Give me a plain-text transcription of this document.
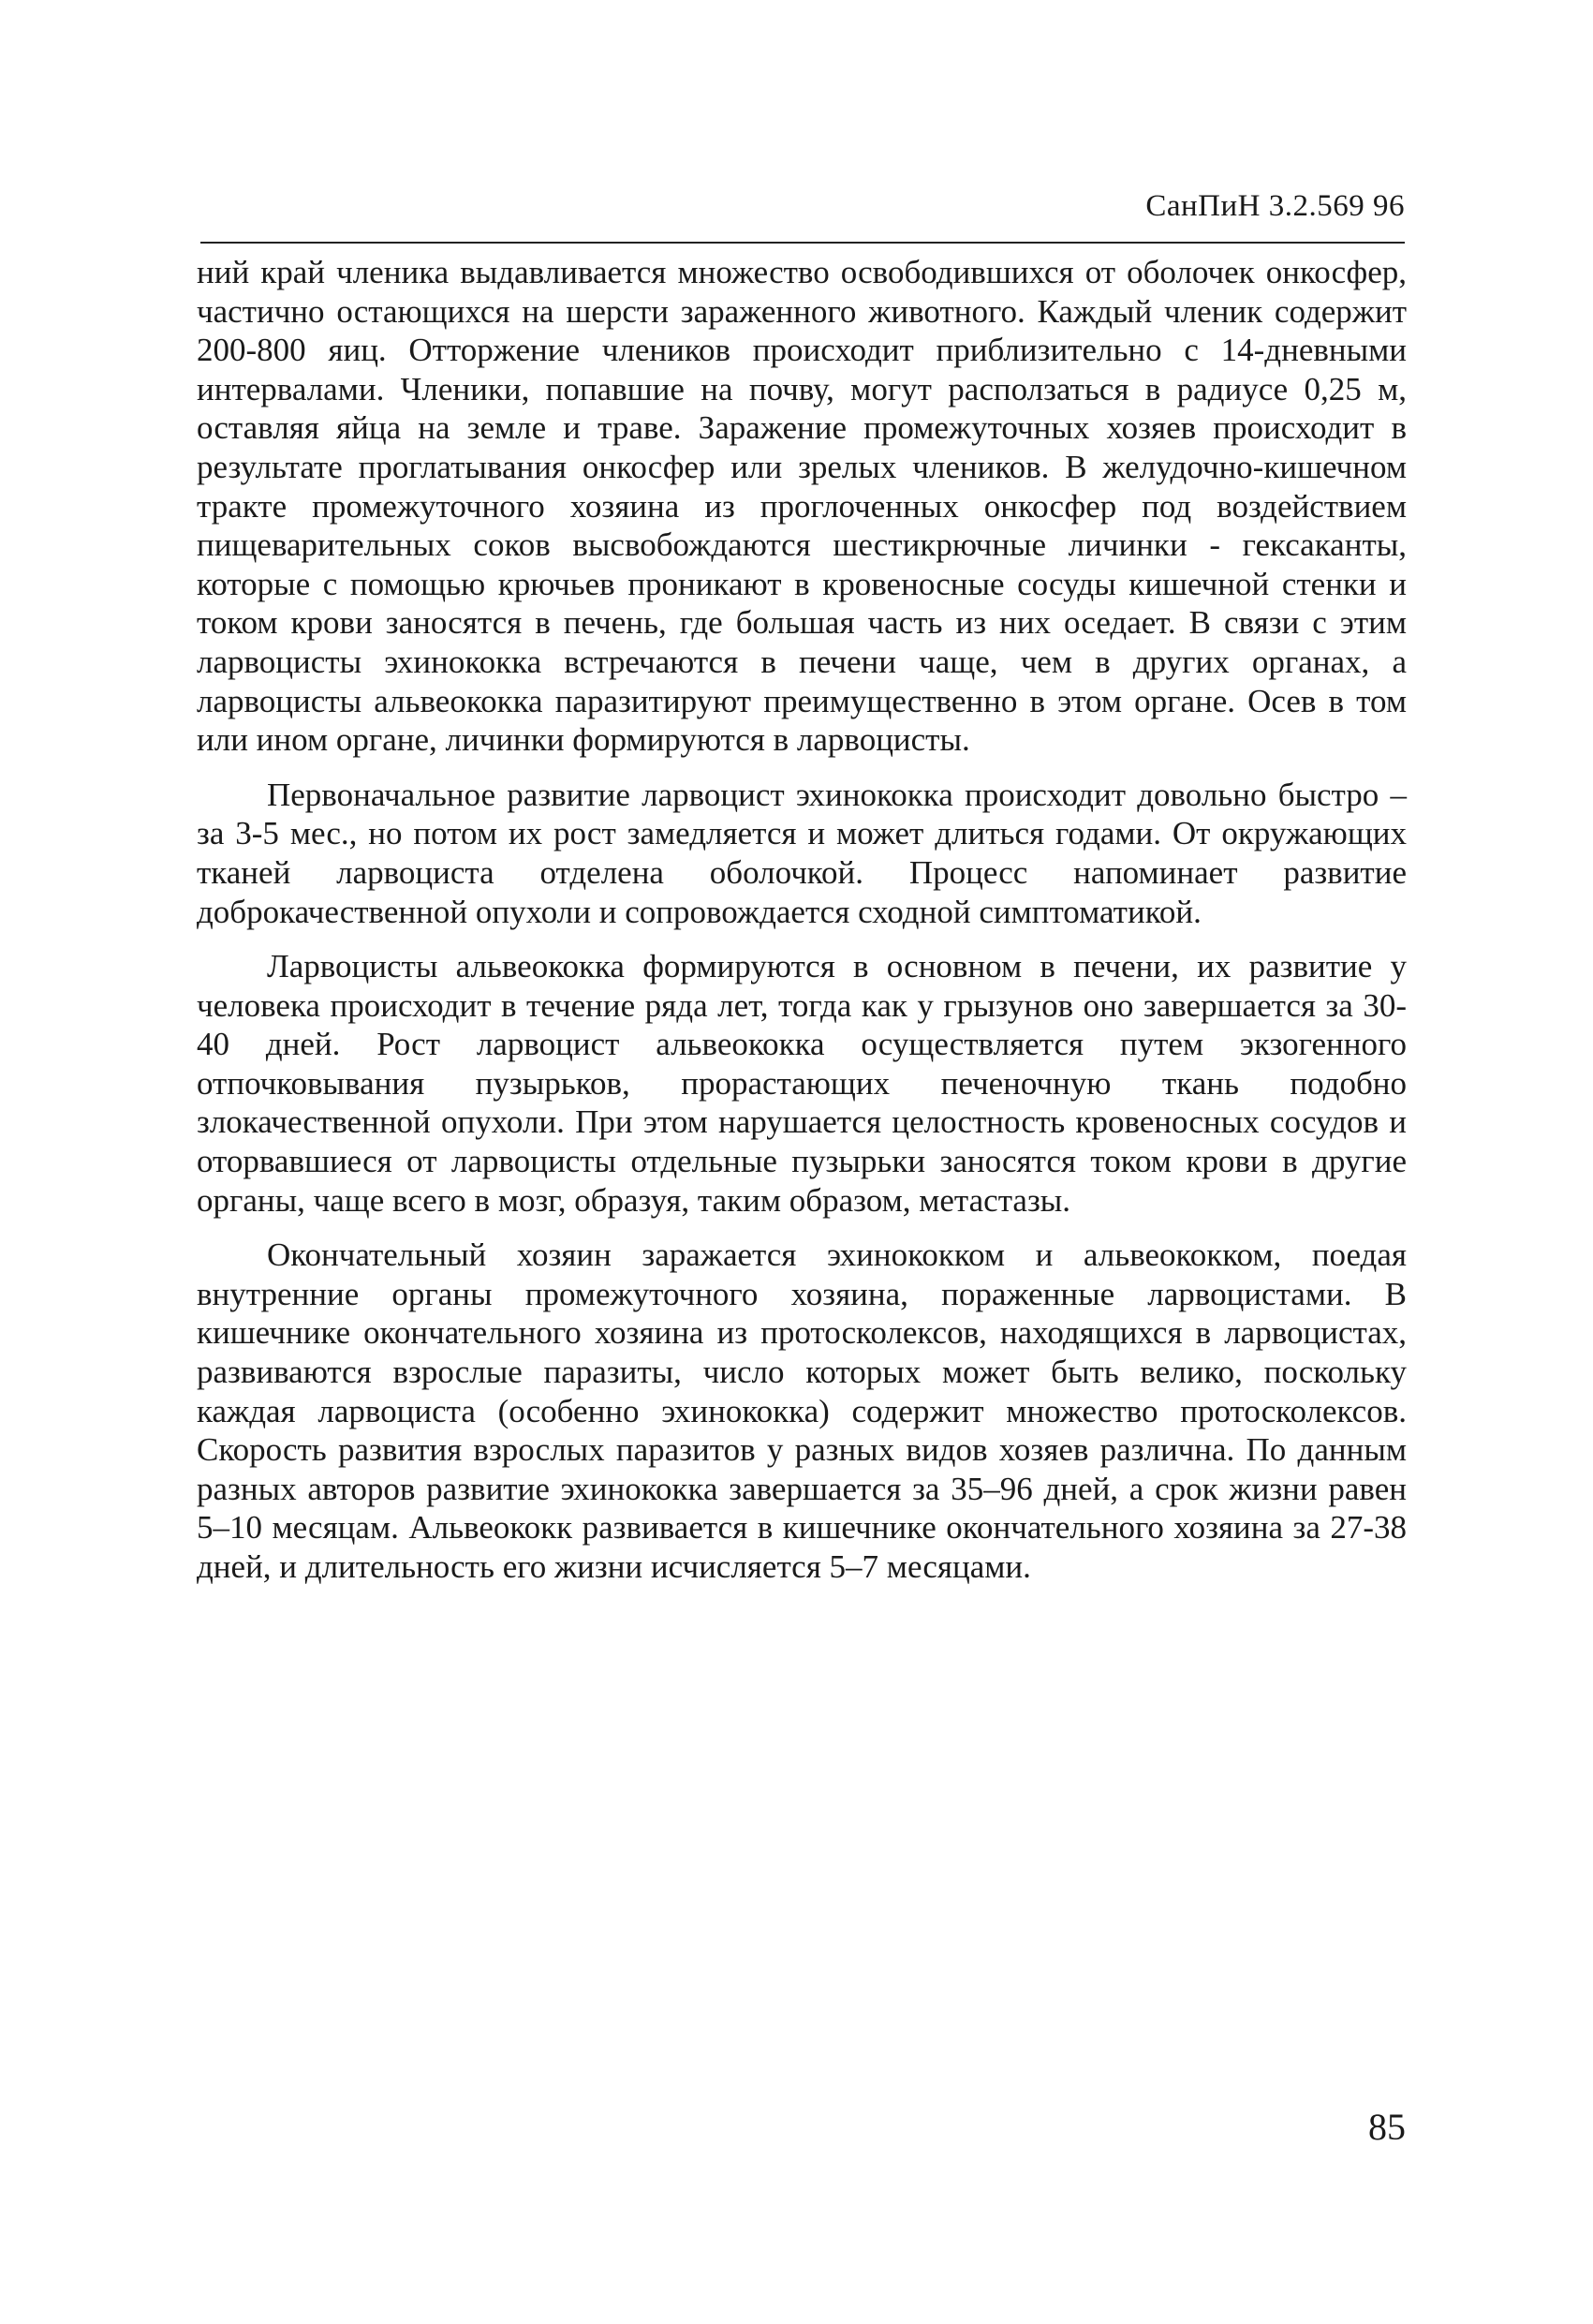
СанПиН 3.2.569 96

ний край членика выдавливается множество освободившихся от оболочек онкосфер, частично остающихся на шерсти зараженного животного. Каждый членик содержит 200-800 яиц. Отторжение члеников происходит приблизительно с 14-дневными интервалами. Членики, попавшие на почву, могут расползаться в радиусе 0,25 м, оставляя яйца на земле и траве. Заражение промежуточных хозяев происходит в результате проглатывания онкосфер или зрелых члеников. В желудочно-кишечном тракте промежуточного хозяина из проглоченных онкосфер под воздействием пищеварительных соков высвобождаются шестикрючные личинки - гексаканты, которые с помощью крючьев проникают в кровеносные сосуды кишечной стенки и током крови заносятся в печень, где большая часть из них оседает. В связи с этим ларвоцисты эхинококка встречаются в печени чаще, чем в других органах, а ларвоцисты альвеококка паразитируют преимущественно в этом органе. Осев в том или ином органе, личинки формируются в ларвоцисты.

Первоначальное развитие ларвоцист эхинококка происходит довольно быстро – за 3-5 мес., но потом их рост замедляется и может длиться годами. От окружающих тканей ларвоциста отделена оболочкой. Процесс напоминает развитие доброкачественной опухоли и сопровождается сходной симптоматикой.

Ларвоцисты альвеококка формируются в основном в печени, их развитие у человека происходит в течение ряда лет, тогда как у грызунов оно завершается за 30-40 дней. Рост ларвоцист альвеококка осуществляется путем экзогенного отпочковывания пузырьков, прорастающих печеночную ткань подобно злокачественной опухоли. При этом нарушается целостность кровеносных сосудов и оторвавшиеся от ларвоцисты отдельные пузырьки заносятся током крови в другие органы, чаще всего в мозг, образуя, таким образом, метастазы.

Окончательный хозяин заражается эхинококком и альвеококком, поедая внутренние органы промежуточного хозяина, пораженные ларвоцистами. В кишечнике окончательного хозяина из протосколексов, находящихся в ларвоцистах, развиваются взрослые паразиты, число которых может быть велико, поскольку каждая ларвоциста (особенно эхинококка) содержит множество протосколексов. Скорость развития взрослых паразитов у разных видов хозяев различна. По данным разных авторов развитие эхинококка завершается за 35–96 дней, а срок жизни равен 5–10 месяцам. Альвеококк развивается в кишечнике окончательного хозяина за 27-38 дней, и длительность его жизни исчисляется 5–7 месяцами.

85
